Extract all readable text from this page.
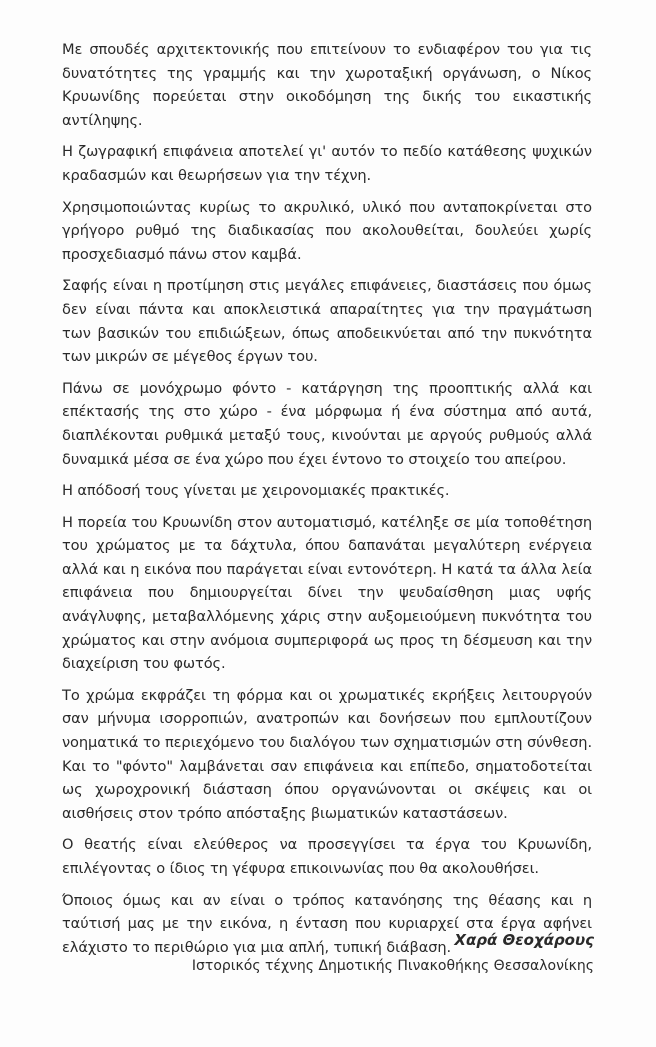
Με σπουδές αρχιτεκτονικής που επιτείνουν το ενδιαφέρον του για τις δυνατότητες της γραμμής και την χωροταξική οργάνωση, ο Νίκος Κρυωνίδης πορεύεται στην οικοδόμηση της δικής του εικαστικής αντίληψης.

Η ζωγραφική επιφάνεια αποτελεί γι' αυτόν το πεδίο κατάθεσης ψυχικών κραδασμών και θεωρήσεων για την τέχνη.

Χρησιμοποιώντας κυρίως το ακρυλικό, υλικό που ανταποκρίνεται στο γρήγορο ρυθμό της διαδικασίας που ακολουθείται, δουλεύει χωρίς προσχεδιασμό πάνω στον καμβά.

Σαφής είναι η προτίμηση στις μεγάλες επιφάνειες, διαστάσεις που όμως δεν είναι πάντα και αποκλειστικά απαραίτητες για την πραγμάτωση των βασικών του επιδιώξεων, όπως αποδεικνύεται από την πυκνότητα των μικρών σε μέγεθος έργων του.

Πάνω σε μονόχρωμο φόντο - κατάργηση της προοπτικής αλλά και επέκτασής της στο χώρο - ένα μόρφωμα ή ένα σύστημα από αυτά, διαπλέκονται ρυθμικά μεταξύ τους, κινούνται με αργούς ρυθμούς αλλά δυναμικά μέσα σε ένα χώρο που έχει έντονο το στοιχείο του απείρου.

Η απόδοσή τους γίνεται με χειρονομιακές πρακτικές.

Η πορεία του Κρυωνίδη στον αυτοματισμό, κατέληξε σε μία τοποθέτηση του χρώματος με τα δάχτυλα, όπου δαπανάται μεγαλύτερη ενέργεια αλλά και η εικόνα που παράγεται είναι εντονότερη. Η κατά τα άλλα λεία επιφάνεια που δημιουργείται δίνει την ψευδαίσθηση μιας υφής ανάγλυφης, μεταβαλλόμενης χάρις στην αυξομειούμενη πυκνότητα του χρώματος και στην ανόμοια συμπεριφορά ως προς τη δέσμευση και την διαχείριση του φωτός.

Το χρώμα εκφράζει τη φόρμα και οι χρωματικές εκρήξεις λειτουργούν σαν μήνυμα ισορροπιών, ανατροπών και δονήσεων που εμπλουτίζουν νοηματικά το περιεχόμενο του διαλόγου των σχηματισμών στη σύνθεση. Και το "φόντο" λαμβάνεται σαν επιφάνεια και επίπεδο, σηματοδοτείται ως χωροχρονική διάσταση όπου οργανώνονται οι σκέψεις και οι αισθήσεις στον τρόπο απόσταξης βιωματικών καταστάσεων.

Ο θεατής είναι ελεύθερος να προσεγγίσει τα έργα του Κρυωνίδη, επιλέγοντας ο ίδιος τη γέφυρα επικοινωνίας που θα ακολουθήσει.

Όποιος όμως και αν είναι ο τρόπος κατανόησης της θέασης και η ταύτισή μας με την εικόνα, η ένταση που κυριαρχεί στα έργα αφήνει ελάχιστο το περιθώριο για μια απλή, τυπική διάβαση. Χαρά Θεοχάρους

Ιστορικός τέχνης Δημοτικής Πινακοθήκης Θεσσαλονίκης
